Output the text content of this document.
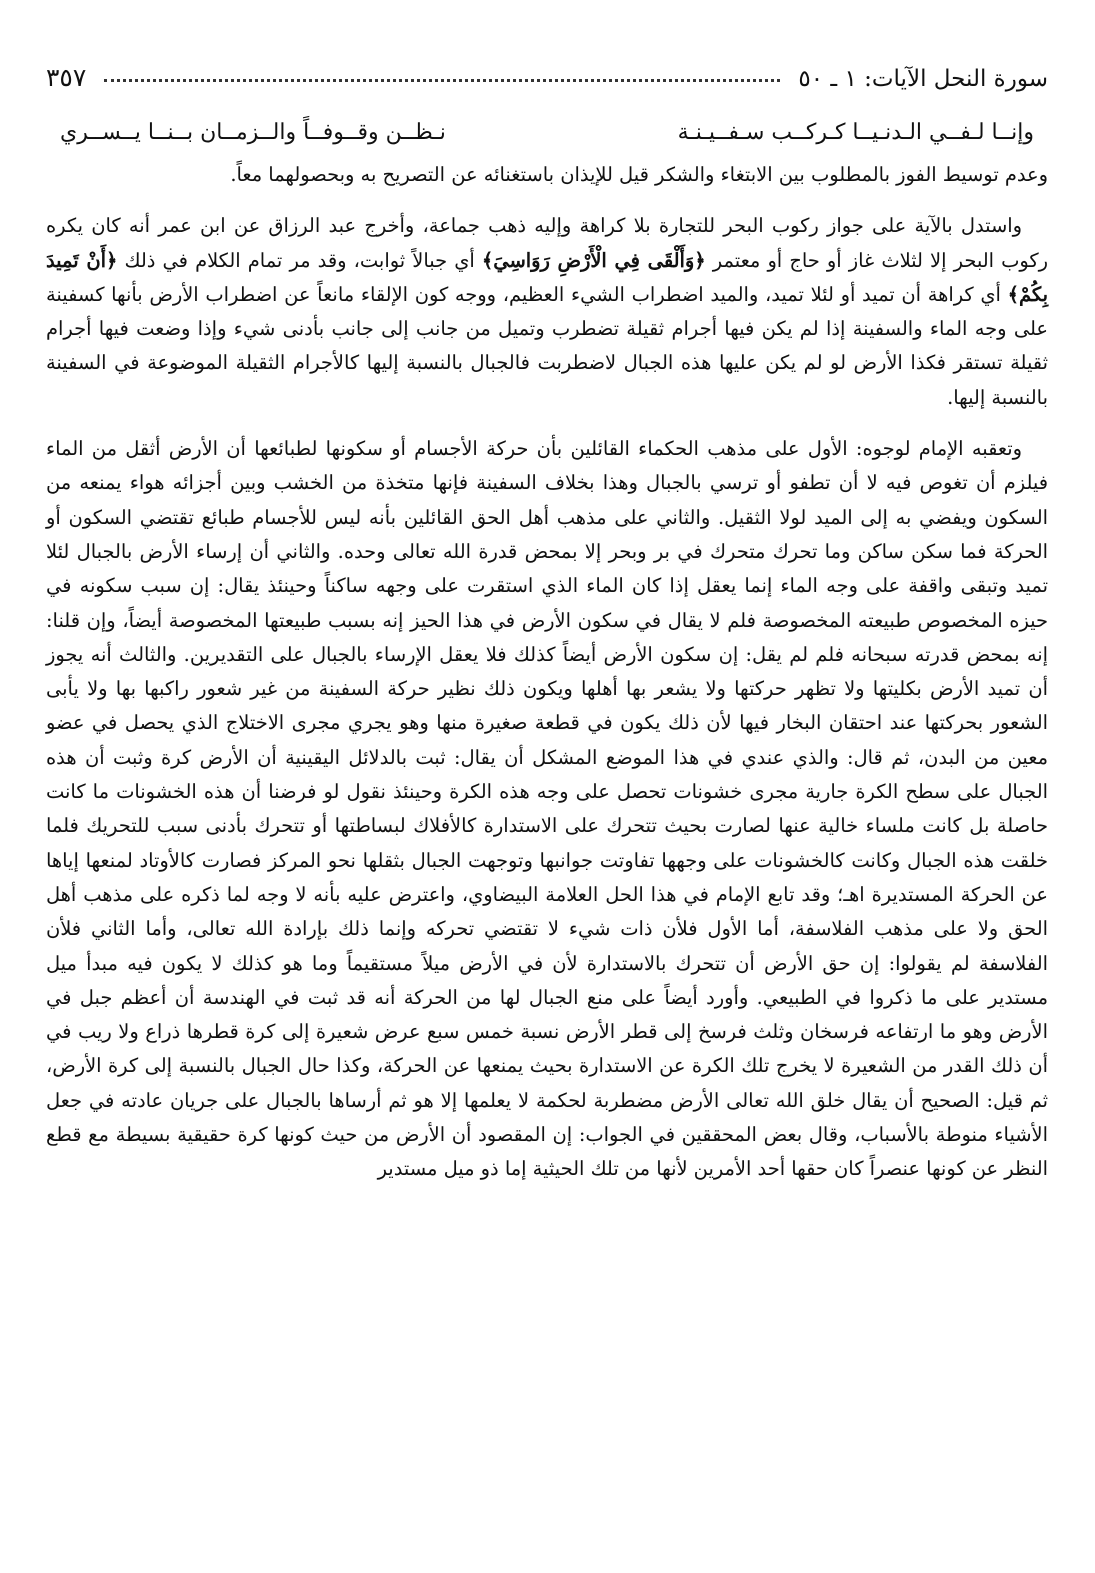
سورة النحل الآيات: ١ ـ ٥٠
٣٥٧
وإنــا لـفــي الـدنـيــا كـركــب سـفــيـنـة
نـظــن وقــوفــاً والــزمــان بــنــا يــســري

وعدم توسيط الفوز بالمطلوب بين الابتغاء والشكر قيل للإيذان باستغنائه عن التصريح به وبحصولهما معاً.

واستدل بالآية على جواز ركوب البحر للتجارة بلا كراهة وإليه ذهب جماعة، وأخرج عبد الرزاق عن ابن عمر أنه كان يكره ركوب البحر إلا لثلاث غاز أو حاج أو معتمر ﴿وَأَلْقَى فِي الْأَرْضِ رَوَاسِيَ﴾ أي جبالاً ثوابت، وقد مر تمام الكلام في ذلك ﴿أَنْ تَمِيدَ بِكُمْ﴾ أي كراهة أن تميد أو لئلا تميد، والميد اضطراب الشيء العظيم، ووجه كون الإلقاء مانعاً عن اضطراب الأرض بأنها كسفينة على وجه الماء والسفينة إذا لم يكن فيها أجرام ثقيلة تضطرب وتميل من جانب إلى جانب بأدنى شيء وإذا وضعت فيها أجرام ثقيلة تستقر فكذا الأرض لو لم يكن عليها هذه الجبال لاضطربت فالجبال بالنسبة إليها كالأجرام الثقيلة الموضوعة في السفينة بالنسبة إليها.

وتعقبه الإمام لوجوه: الأول على مذهب الحكماء القائلين بأن حركة الأجسام أو سكونها لطبائعها أن الأرض أثقل من الماء فيلزم أن تغوص فيه لا أن تطفو أو ترسي بالجبال وهذا بخلاف السفينة فإنها متخذة من الخشب وبين أجزائه هواء يمنعه من السكون ويفضي به إلى الميد لولا الثقيل. والثاني على مذهب أهل الحق القائلين بأنه ليس للأجسام طبائع تقتضي السكون أو الحركة فما سكن ساكن وما تحرك متحرك في بر وبحر إلا بمحض قدرة الله تعالى وحده. والثاني أن إرساء الأرض بالجبال لئلا تميد وتبقى واقفة على وجه الماء إنما يعقل إذا كان الماء الذي استقرت على وجهه ساكناً وحينئذ يقال: إن سبب سكونه في حيزه المخصوص طبيعته المخصوصة فلم لا يقال في سكون الأرض في هذا الحيز إنه بسبب طبيعتها المخصوصة أيضاً، وإن قلنا: إنه بمحض قدرته سبحانه فلم لم يقل: إن سكون الأرض أيضاً كذلك فلا يعقل الإرساء بالجبال على التقديرين. والثالث أنه يجوز أن تميد الأرض بكليتها ولا تظهر حركتها ولا يشعر بها أهلها ويكون ذلك نظير حركة السفينة من غير شعور راكبها بها ولا يأبى الشعور بحركتها عند احتقان البخار فيها لأن ذلك يكون في قطعة صغيرة منها وهو يجري مجرى الاختلاج الذي يحصل في عضو معين من البدن، ثم قال: والذي عندي في هذا الموضع المشكل أن يقال: ثبت بالدلائل اليقينية أن الأرض كرة وثبت أن هذه الجبال على سطح الكرة جارية مجرى خشونات تحصل على وجه هذه الكرة وحينئذ نقول لو فرضنا أن هذه الخشونات ما كانت حاصلة بل كانت ملساء خالية عنها لصارت بحيث تتحرك على الاستدارة كالأفلاك لبساطتها أو تتحرك بأدنى سبب للتحريك فلما خلقت هذه الجبال وكانت كالخشونات على وجهها تفاوتت جوانبها وتوجهت الجبال بثقلها نحو المركز فصارت كالأوتاد لمنعها إياها عن الحركة المستديرة اهـ؛ وقد تابع الإمام في هذا الحل العلامة البيضاوي، واعترض عليه بأنه لا وجه لما ذكره على مذهب أهل الحق ولا على مذهب الفلاسفة، أما الأول فلأن ذات شيء لا تقتضي تحركه وإنما ذلك بإرادة الله تعالى، وأما الثاني فلأن الفلاسفة لم يقولوا: إن حق الأرض أن تتحرك بالاستدارة لأن في الأرض ميلاً مستقيماً وما هو كذلك لا يكون فيه مبدأ ميل مستدير على ما ذكروا في الطبيعي. وأورد أيضاً على منع الجبال لها من الحركة أنه قد ثبت في الهندسة أن أعظم جبل في الأرض وهو ما ارتفاعه فرسخان وثلث فرسخ إلى قطر الأرض نسبة خمس سبع عرض شعيرة إلى كرة قطرها ذراع ولا ريب في أن ذلك القدر من الشعيرة لا يخرج تلك الكرة عن الاستدارة بحيث يمنعها عن الحركة، وكذا حال الجبال بالنسبة إلى كرة الأرض، ثم قيل: الصحيح أن يقال خلق الله تعالى الأرض مضطربة لحكمة لا يعلمها إلا هو ثم أرساها بالجبال على جريان عادته في جعل الأشياء منوطة بالأسباب، وقال بعض المحققين في الجواب: إن المقصود أن الأرض من حيث كونها كرة حقيقية بسيطة مع قطع النظر عن كونها عنصراً كان حقها أحد الأمرين لأنها من تلك الحيثية إما ذو ميل مستدير
